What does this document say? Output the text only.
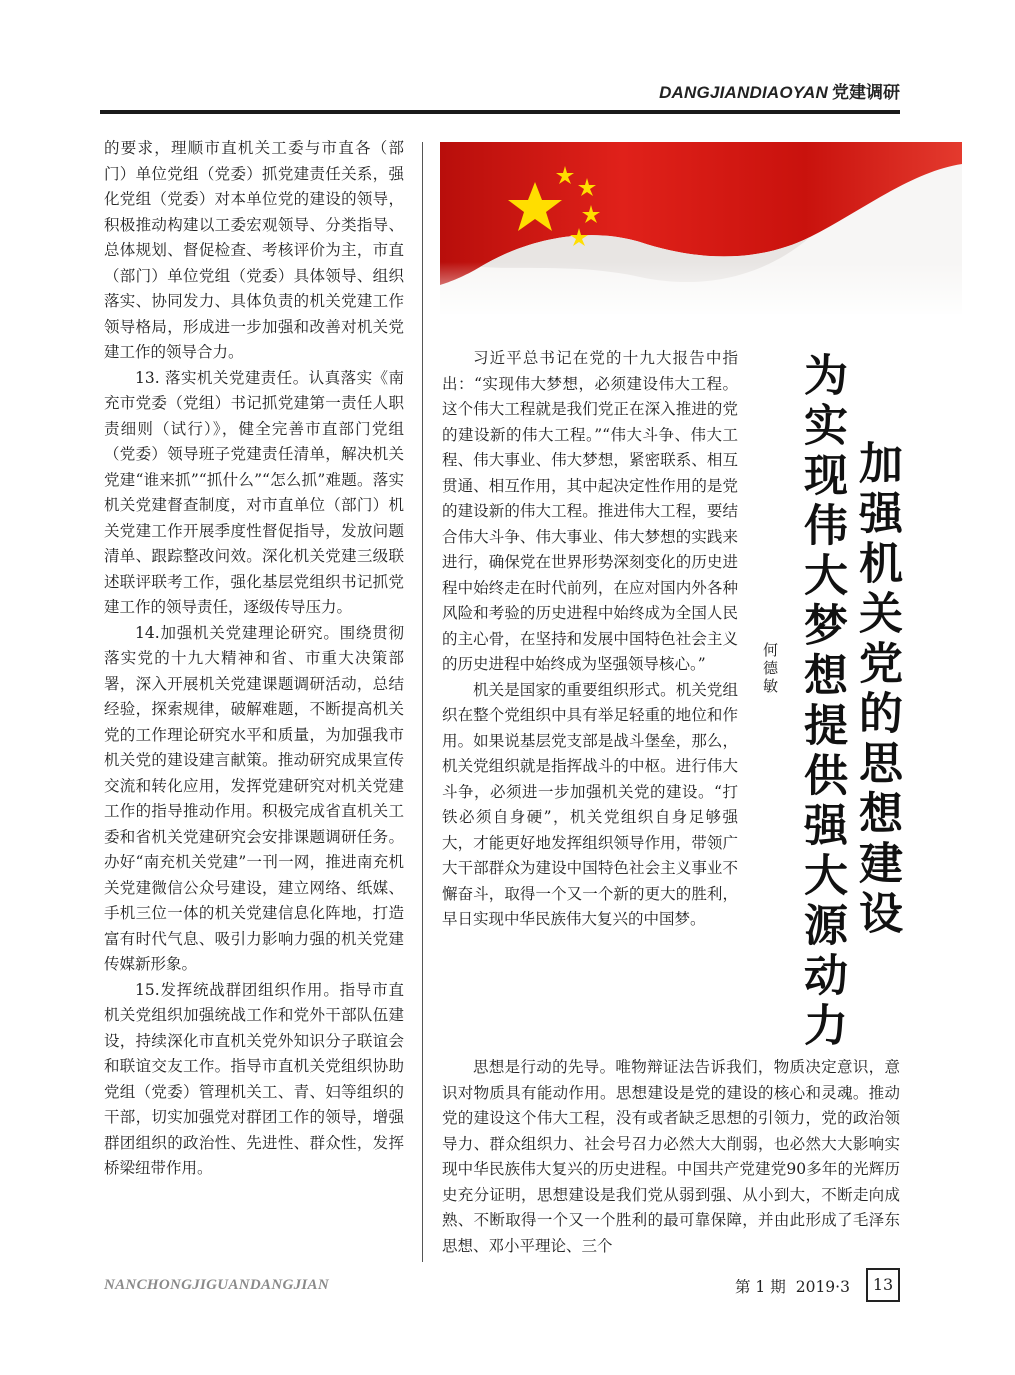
DANGJIANDIAOYAN 党建调研

的要求，理顺市直机关工委与市直各（部门）单位党组（党委）抓党建责任关系，强化党组（党委）对本单位党的建设的领导，积极推动构建以工委宏观领导、分类指导、总体规划、督促检查、考核评价为主，市直（部门）单位党组（党委）具体领导、组织落实、协同发力、具体负责的机关党建工作领导格局，形成进一步加强和改善对机关党建工作的领导合力。

13. 落实机关党建责任。认真落实《南充市党委（党组）书记抓党建第一责任人职责细则（试行）》，健全完善市直部门党组（党委）领导班子党建责任清单，解决机关党建“谁来抓”“抓什么”“怎么抓”难题。落实机关党建督查制度，对市直单位（部门）机关党建工作开展季度性督促指导，发放问题清单、跟踪整改问效。深化机关党建三级联述联评联考工作，强化基层党组织书记抓党建工作的领导责任，逐级传导压力。

14.加强机关党建理论研究。围绕贯彻落实党的十九大精神和省、市重大决策部署，深入开展机关党建课题调研活动，总结经验，探索规律，破解难题，不断提高机关党的工作理论研究水平和质量，为加强我市机关党的建设建言献策。推动研究成果宣传交流和转化应用，发挥党建研究对机关党建工作的指导推动作用。积极完成省直机关工委和省机关党建研究会安排课题调研任务。办好“南充机关党建”一刊一网，推进南充机关党建微信公众号建设，建立网络、纸媒、手机三位一体的机关党建信息化阵地，打造富有时代气息、吸引力影响力强的机关党建传媒新形象。

15.发挥统战群团组织作用。指导市直机关党组织加强统战工作和党外干部队伍建设，持续深化市直机关党外知识分子联谊会和联谊交友工作。指导市直机关党组织协助党组（党委）管理机关工、青、妇等组织的干部，切实加强党对群团工作的领导，增强群团组织的政治性、先进性、群众性，发挥桥梁纽带作用。

习近平总书记在党的十九大报告中指出：“实现伟大梦想，必须建设伟大工程。这个伟大工程就是我们党正在深入推进的党的建设新的伟大工程。”“伟大斗争、伟大工程、伟大事业、伟大梦想，紧密联系、相互贯通、相互作用，其中起决定性作用的是党的建设新的伟大工程。推进伟大工程，要结合伟大斗争、伟大事业、伟大梦想的实践来进行，确保党在世界形势深刻变化的历史进程中始终走在时代前列，在应对国内外各种风险和考验的历史进程中始终成为全国人民的主心骨，在坚持和发展中国特色社会主义的历史进程中始终成为坚强领导核心。”

机关是国家的重要组织形式。机关党组织在整个党组织中具有举足轻重的地位和作用。如果说基层党支部是战斗堡垒，那么，机关党组织就是指挥战斗的中枢。进行伟大斗争，必须进一步加强机关党的建设。“打铁必须自身硬”，机关党组织自身足够强大，才能更好地发挥组织领导作用，带领广大干部群众为建设中国特色社会主义事业不懈奋斗，取得一个又一个新的更大的胜利，早日实现中华民族伟大复兴的中国梦。	加强机关党的思想建设
为实现伟大梦想提供强大源动力
何德敏

思想是行动的先导。唯物辩证法告诉我们，物质决定意识，意识对物质具有能动作用。思想建设是党的建设的核心和灵魂。推动党的建设这个伟大工程，没有或者缺乏思想的引领力，党的政治领导力、群众组织力、社会号召力必然大大削弱，也必然大大影响实现中华民族伟大复兴的历史进程。中国共产党建党90多年的光辉历史充分证明，思想建设是我们党从弱到强、从小到大，不断走向成熟、不断取得一个又一个胜利的最可靠保障，并由此形成了毛泽东思想、邓小平理论、三个

NANCHONGJIGUANDANGJIAN	第 1 期 2019·3	13
